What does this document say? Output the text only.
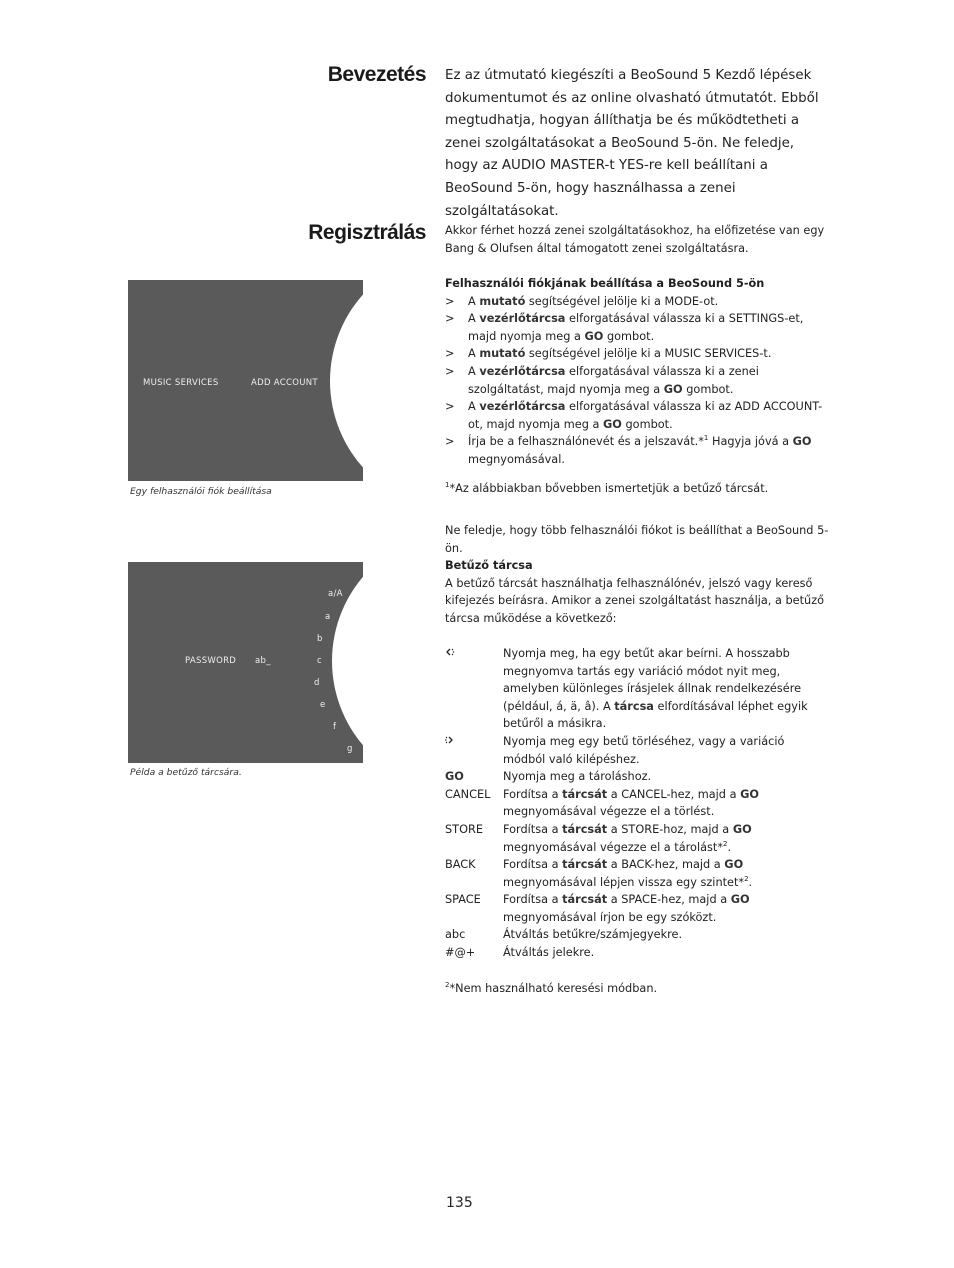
Bevezetés Ez az útmutató kiegészíti a BeoSound 5 Kezdő lépések dokumentumot és az online olvasható útmutatót. Ebből megtudhatja, hogyan állíthatja be és működtetheti a zenei szolgáltatásokat a BeoSound 5-ön. Ne feledje, hogy az AUDIO MASTER-t YES-re kell beállítani a BeoSound 5-ön, hogy használhassa a zenei szolgáltatásokat.

Regisztrálás Akkor férhet hozzá zenei szolgáltatásokhoz, ha előfizetése van egy Bang & Olufsen által támogatott zenei szolgáltatásra.

Felhasználói fiókjának beállítása a BeoSound 5-ön

>	A mutató segítségével jelölje ki a MODE-ot.
>	A vezérlőtárcsa elforgatásával válassza ki a SETTINGS-et, majd nyomja meg a GO gombot.
>	A mutató segítségével jelölje ki a MUSIC SERVICES-t.
>	A vezérlőtárcsa elforgatásával válassza ki a zenei szolgáltatást, majd nyomja meg a GO gombot.
>	A vezérlőtárcsa elforgatásával válassza ki az ADD ACCOUNT-ot, majd nyomja meg a GO gombot.
>	Írja be a felhasználónevét és a jelszavát.*$^1$ Hagyja jóvá a GO megnyomásával.

$^1$*Az alábbiakban bővebben ismertetjük a betűző tárcsát.

Ne feledje, hogy több felhasználói fiókot is beállíthat a BeoSound 5-ön.

Betűző tárcsa

A betűző tárcsát használhatja felhasználónév, jelszó vagy kereső kifejezés beírásra. Amikor a zenei szolgáltatást használja, a betűző tárcsa működése a következő:

Nyomja meg, ha egy betűt akar beírni. A hosszabb megnyomva tartás egy variáció módot nyit meg, amelyben különleges írásjelek állnak rendelkezésére (például, á, ä, â). A tárcsa elfordításával léphet egyik betűről a másikra.
Nyomja meg egy betű törléséhez, vagy a variáció módból való kilépéshez.
GO	Nyomja meg a tároláshoz.
CANCEL	Fordítsa a tárcsát a CANCEL-hez, majd a GO megnyomásával végezze el a törlést.
STORE	Fordítsa a tárcsát a STORE-hoz, majd a GO megnyomásával végezze el a tárolást*$^2$.
BACK	Fordítsa a tárcsát a BACK-hez, majd a GO megnyomásával lépjen vissza egy szintet*$^2$.
SPACE	Fordítsa a tárcsát a SPACE-hez, majd a GO megnyomásával írjon be egy szóközt.
abc	Átváltás betűkre/számjegyekre.
#@+	Átváltás jelekre.

$^2$*Nem használható keresési módban.

MUSIC SERVICES	ADD ACCOUNT
Egy felhasználói fiók beállítása
PASSWORD ab_
a/A
a
b
c
d
e
f
g
Példa a betűző tárcsára.
135
